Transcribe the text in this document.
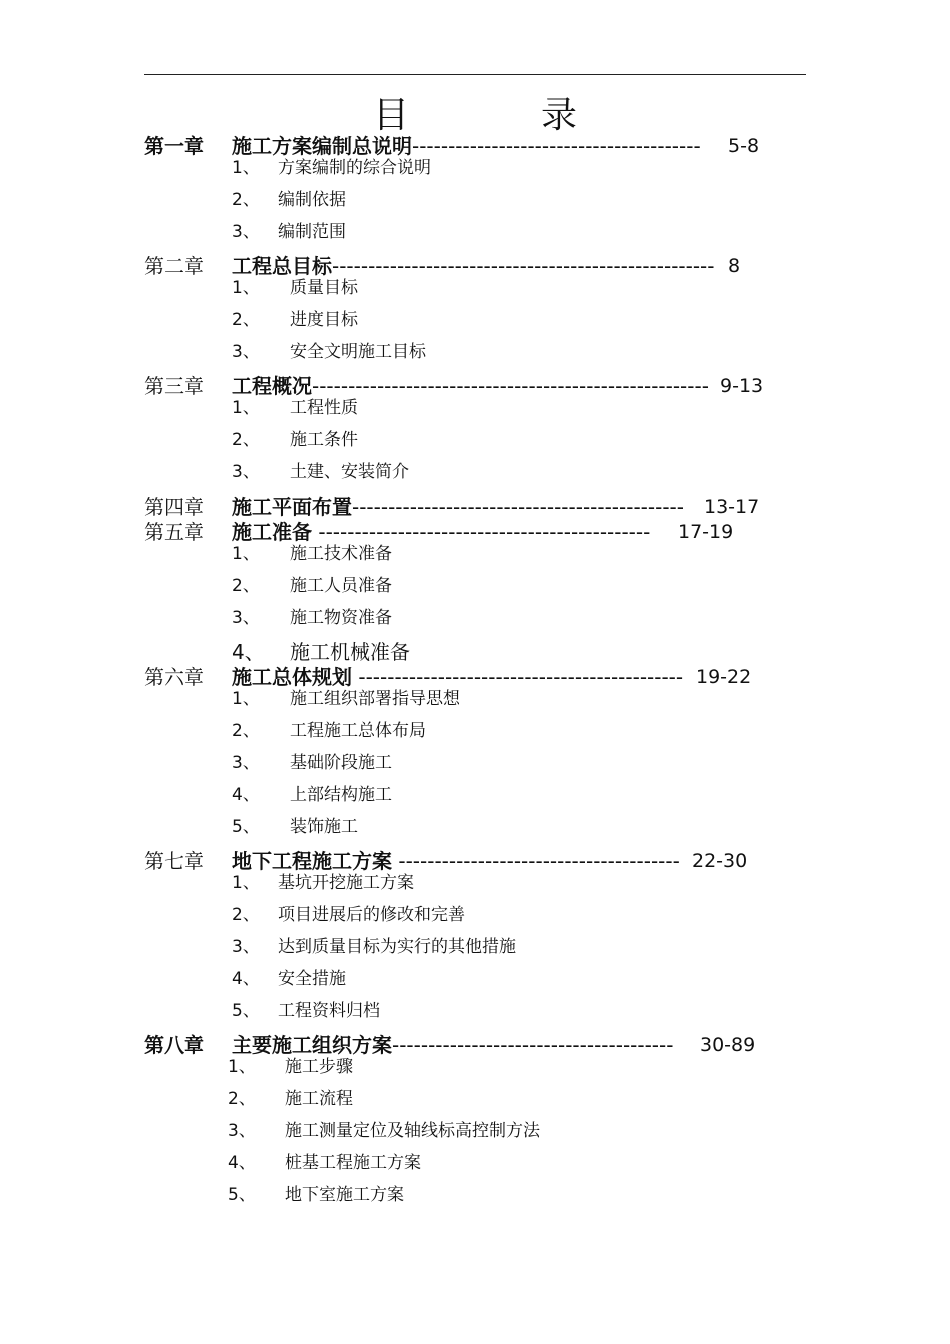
目　录
第一章 施工方案编制总说明---------------------------------------- 5-8
1、 方案编制的综合说明
2、 编制依据
3、 编制范围
第二章 工程总目标----------------------------------------------------- 8
1、 质量目标
2、 进度目标
3、 安全文明施工目标
第三章 工程概况------------------------------------------------------- 9-13
1、 工程性质
2、 施工条件
3、 土建、安装简介
第四章 施工平面布置---------------------------------------------- 13-17
第五章 施工准备 ---------------------------------------------- 17-19
1、 施工技术准备
2、 施工人员准备
3、 施工物资准备
4、 施工机械准备
第六章 施工总体规划 --------------------------------------------- 19-22
1、 施工组织部署指导思想
2、 工程施工总体布局
3、 基础阶段施工
4、 上部结构施工
5、 装饰施工
第七章 地下工程施工方案 --------------------------------------- 22-30
1、 基坑开挖施工方案
2、 项目进展后的修改和完善
3、 达到质量目标为实行的其他措施
4、 安全措施
5、 工程资料归档
第八章 主要施工组织方案--------------------------------------- 30-89
1、 施工步骤
2、 施工流程
3、 施工测量定位及轴线标高控制方法
4、 桩基工程施工方案
5、 地下室施工方案
